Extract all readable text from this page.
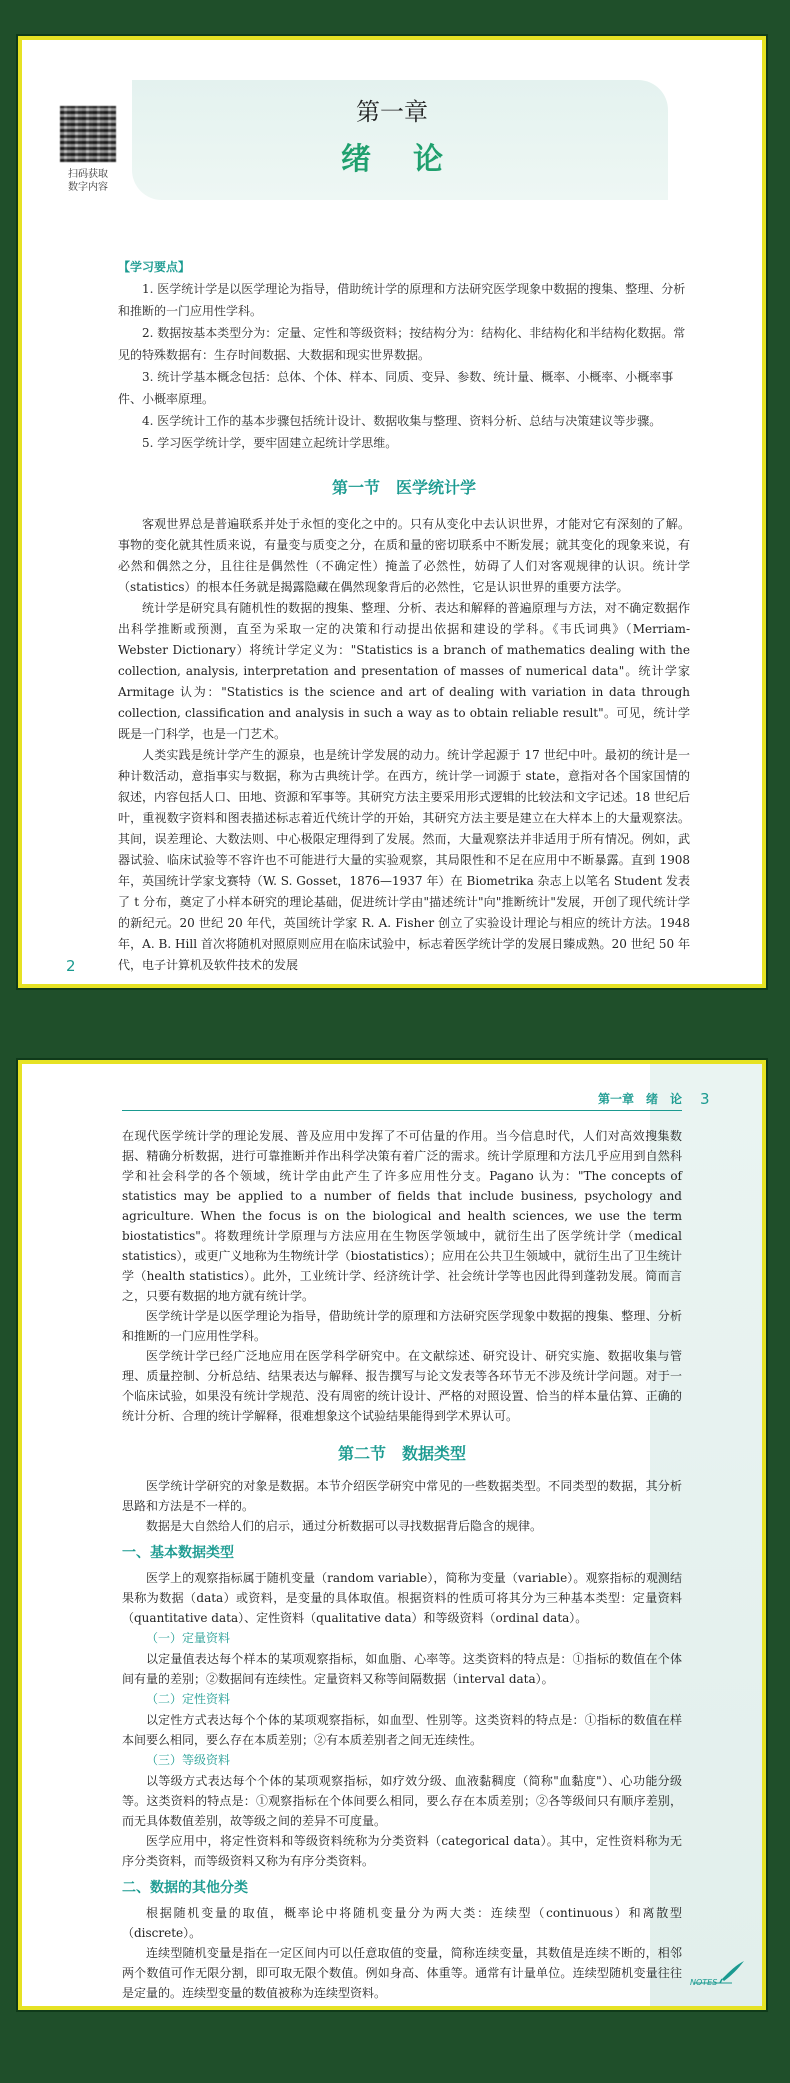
扫码获取
数字内容
第一章
绪论
【学习要点】

1. 医学统计学是以医学理论为指导，借助统计学的原理和方法研究医学现象中数据的搜集、整理、分析和推断的一门应用性学科。

2. 数据按基本类型分为：定量、定性和等级资料；按结构分为：结构化、非结构化和半结构化数据。常见的特殊数据有：生存时间数据、大数据和现实世界数据。

3. 统计学基本概念包括：总体、个体、样本、同质、变异、参数、统计量、概率、小概率、小概率事件、小概率原理。

4. 医学统计工作的基本步骤包括统计设计、数据收集与整理、资料分析、总结与决策建议等步骤。

5. 学习医学统计学，要牢固建立起统计学思维。

第一节　医学统计学

客观世界总是普遍联系并处于永恒的变化之中的。只有从变化中去认识世界，才能对它有深刻的了解。事物的变化就其性质来说，有量变与质变之分，在质和量的密切联系中不断发展；就其变化的现象来说，有必然和偶然之分，且往往是偶然性（不确定性）掩盖了必然性，妨碍了人们对客观规律的认识。统计学（statistics）的根本任务就是揭露隐藏在偶然现象背后的必然性，它是认识世界的重要方法学。

统计学是研究具有随机性的数据的搜集、整理、分析、表达和解释的普遍原理与方法，对不确定数据作出科学推断或预测，直至为采取一定的决策和行动提出依据和建设的学科。《韦氏词典》（Merriam-Webster Dictionary）将统计学定义为："Statistics is a branch of mathematics dealing with the collection, analysis, interpretation and presentation of masses of numerical data"。统计学家 Armitage 认为："Statistics is the science and art of dealing with variation in data through collection, classification and analysis in such a way as to obtain reliable result"。可见，统计学既是一门科学，也是一门艺术。

人类实践是统计学产生的源泉，也是统计学发展的动力。统计学起源于 17 世纪中叶。最初的统计是一种计数活动，意指事实与数据，称为古典统计学。在西方，统计学一词源于 state，意指对各个国家国情的叙述，内容包括人口、田地、资源和军事等。其研究方法主要采用形式逻辑的比较法和文字记述。18 世纪后叶，重视数字资料和图表描述标志着近代统计学的开始，其研究方法主要是建立在大样本上的大量观察法。其间，误差理论、大数法则、中心极限定理得到了发展。然而，大量观察法并非适用于所有情况。例如，武器试验、临床试验等不容许也不可能进行大量的实验观察，其局限性和不足在应用中不断暴露。直到 1908 年，英国统计学家戈赛特（W. S. Gosset，1876—1937 年）在 Biometrika 杂志上以笔名 Student 发表了 t 分布，奠定了小样本研究的理论基础，促进统计学由"描述统计"向"推断统计"发展，开创了现代统计学的新纪元。20 世纪 20 年代，英国统计学家 R. A. Fisher 创立了实验设计理论与相应的统计方法。1948 年，A. B. Hill 首次将随机对照原则应用在临床试验中，标志着医学统计学的发展日臻成熟。20 世纪 50 年代，电子计算机及软件技术的发展

2
第一章　绪　论 3

在现代医学统计学的理论发展、普及应用中发挥了不可估量的作用。当今信息时代，人们对高效搜集数据、精确分析数据，进行可靠推断并作出科学决策有着广泛的需求。统计学原理和方法几乎应用到自然科学和社会科学的各个领域，统计学由此产生了许多应用性分支。Pagano 认为："The concepts of statistics may be applied to a number of fields that include business, psychology and agriculture. When the focus is on the biological and health sciences, we use the term biostatistics"。将数理统计学原理与方法应用在生物医学领域中，就衍生出了医学统计学（medical statistics），或更广义地称为生物统计学（biostatistics）；应用在公共卫生领域中，就衍生出了卫生统计学（health statistics）。此外，工业统计学、经济统计学、社会统计学等也因此得到蓬勃发展。简而言之，只要有数据的地方就有统计学。

医学统计学是以医学理论为指导，借助统计学的原理和方法研究医学现象中数据的搜集、整理、分析和推断的一门应用性学科。

医学统计学已经广泛地应用在医学科学研究中。在文献综述、研究设计、研究实施、数据收集与管理、质量控制、分析总结、结果表达与解释、报告撰写与论文发表等各环节无不涉及统计学问题。对于一个临床试验，如果没有统计学规范、没有周密的统计设计、严格的对照设置、恰当的样本量估算、正确的统计分析、合理的统计学解释，很难想象这个试验结果能得到学术界认可。

第二节　数据类型

医学统计学研究的对象是数据。本节介绍医学研究中常见的一些数据类型。不同类型的数据，其分析思路和方法是不一样的。

数据是大自然给人们的启示，通过分析数据可以寻找数据背后隐含的规律。

一、基本数据类型

医学上的观察指标属于随机变量（random variable），简称为变量（variable）。观察指标的观测结果称为数据（data）或资料，是变量的具体取值。根据资料的性质可将其分为三种基本类型：定量资料（quantitative data）、定性资料（qualitative data）和等级资料（ordinal data）。

（一）定量资料

以定量值表达每个样本的某项观察指标，如血脂、心率等。这类资料的特点是：①指标的数值在个体间有量的差别；②数据间有连续性。定量资料又称等间隔数据（interval data）。

（二）定性资料

以定性方式表达每个个体的某项观察指标，如血型、性别等。这类资料的特点是：①指标的数值在样本间要么相同，要么存在本质差别；②有本质差别者之间无连续性。

（三）等级资料

以等级方式表达每个个体的某项观察指标，如疗效分级、血液黏稠度（简称"血黏度"）、心功能分级等。这类资料的特点是：①观察指标在个体间要么相同，要么存在本质差别；②各等级间只有顺序差别，而无具体数值差别，故等级之间的差异不可度量。

医学应用中，将定性资料和等级资料统称为分类资料（categorical data）。其中，定性资料称为无序分类资料，而等级资料又称为有序分类资料。

二、数据的其他分类

根据随机变量的取值，概率论中将随机变量分为两大类：连续型（continuous）和离散型（discrete）。

连续型随机变量是指在一定区间内可以任意取值的变量，简称连续变量，其数值是连续不断的，相邻两个数值可作无限分割，即可取无限个数值。例如身高、体重等。通常有计量单位。连续型随机变量往往是定量的。连续型变量的数值被称为连续型资料。

NOTES
